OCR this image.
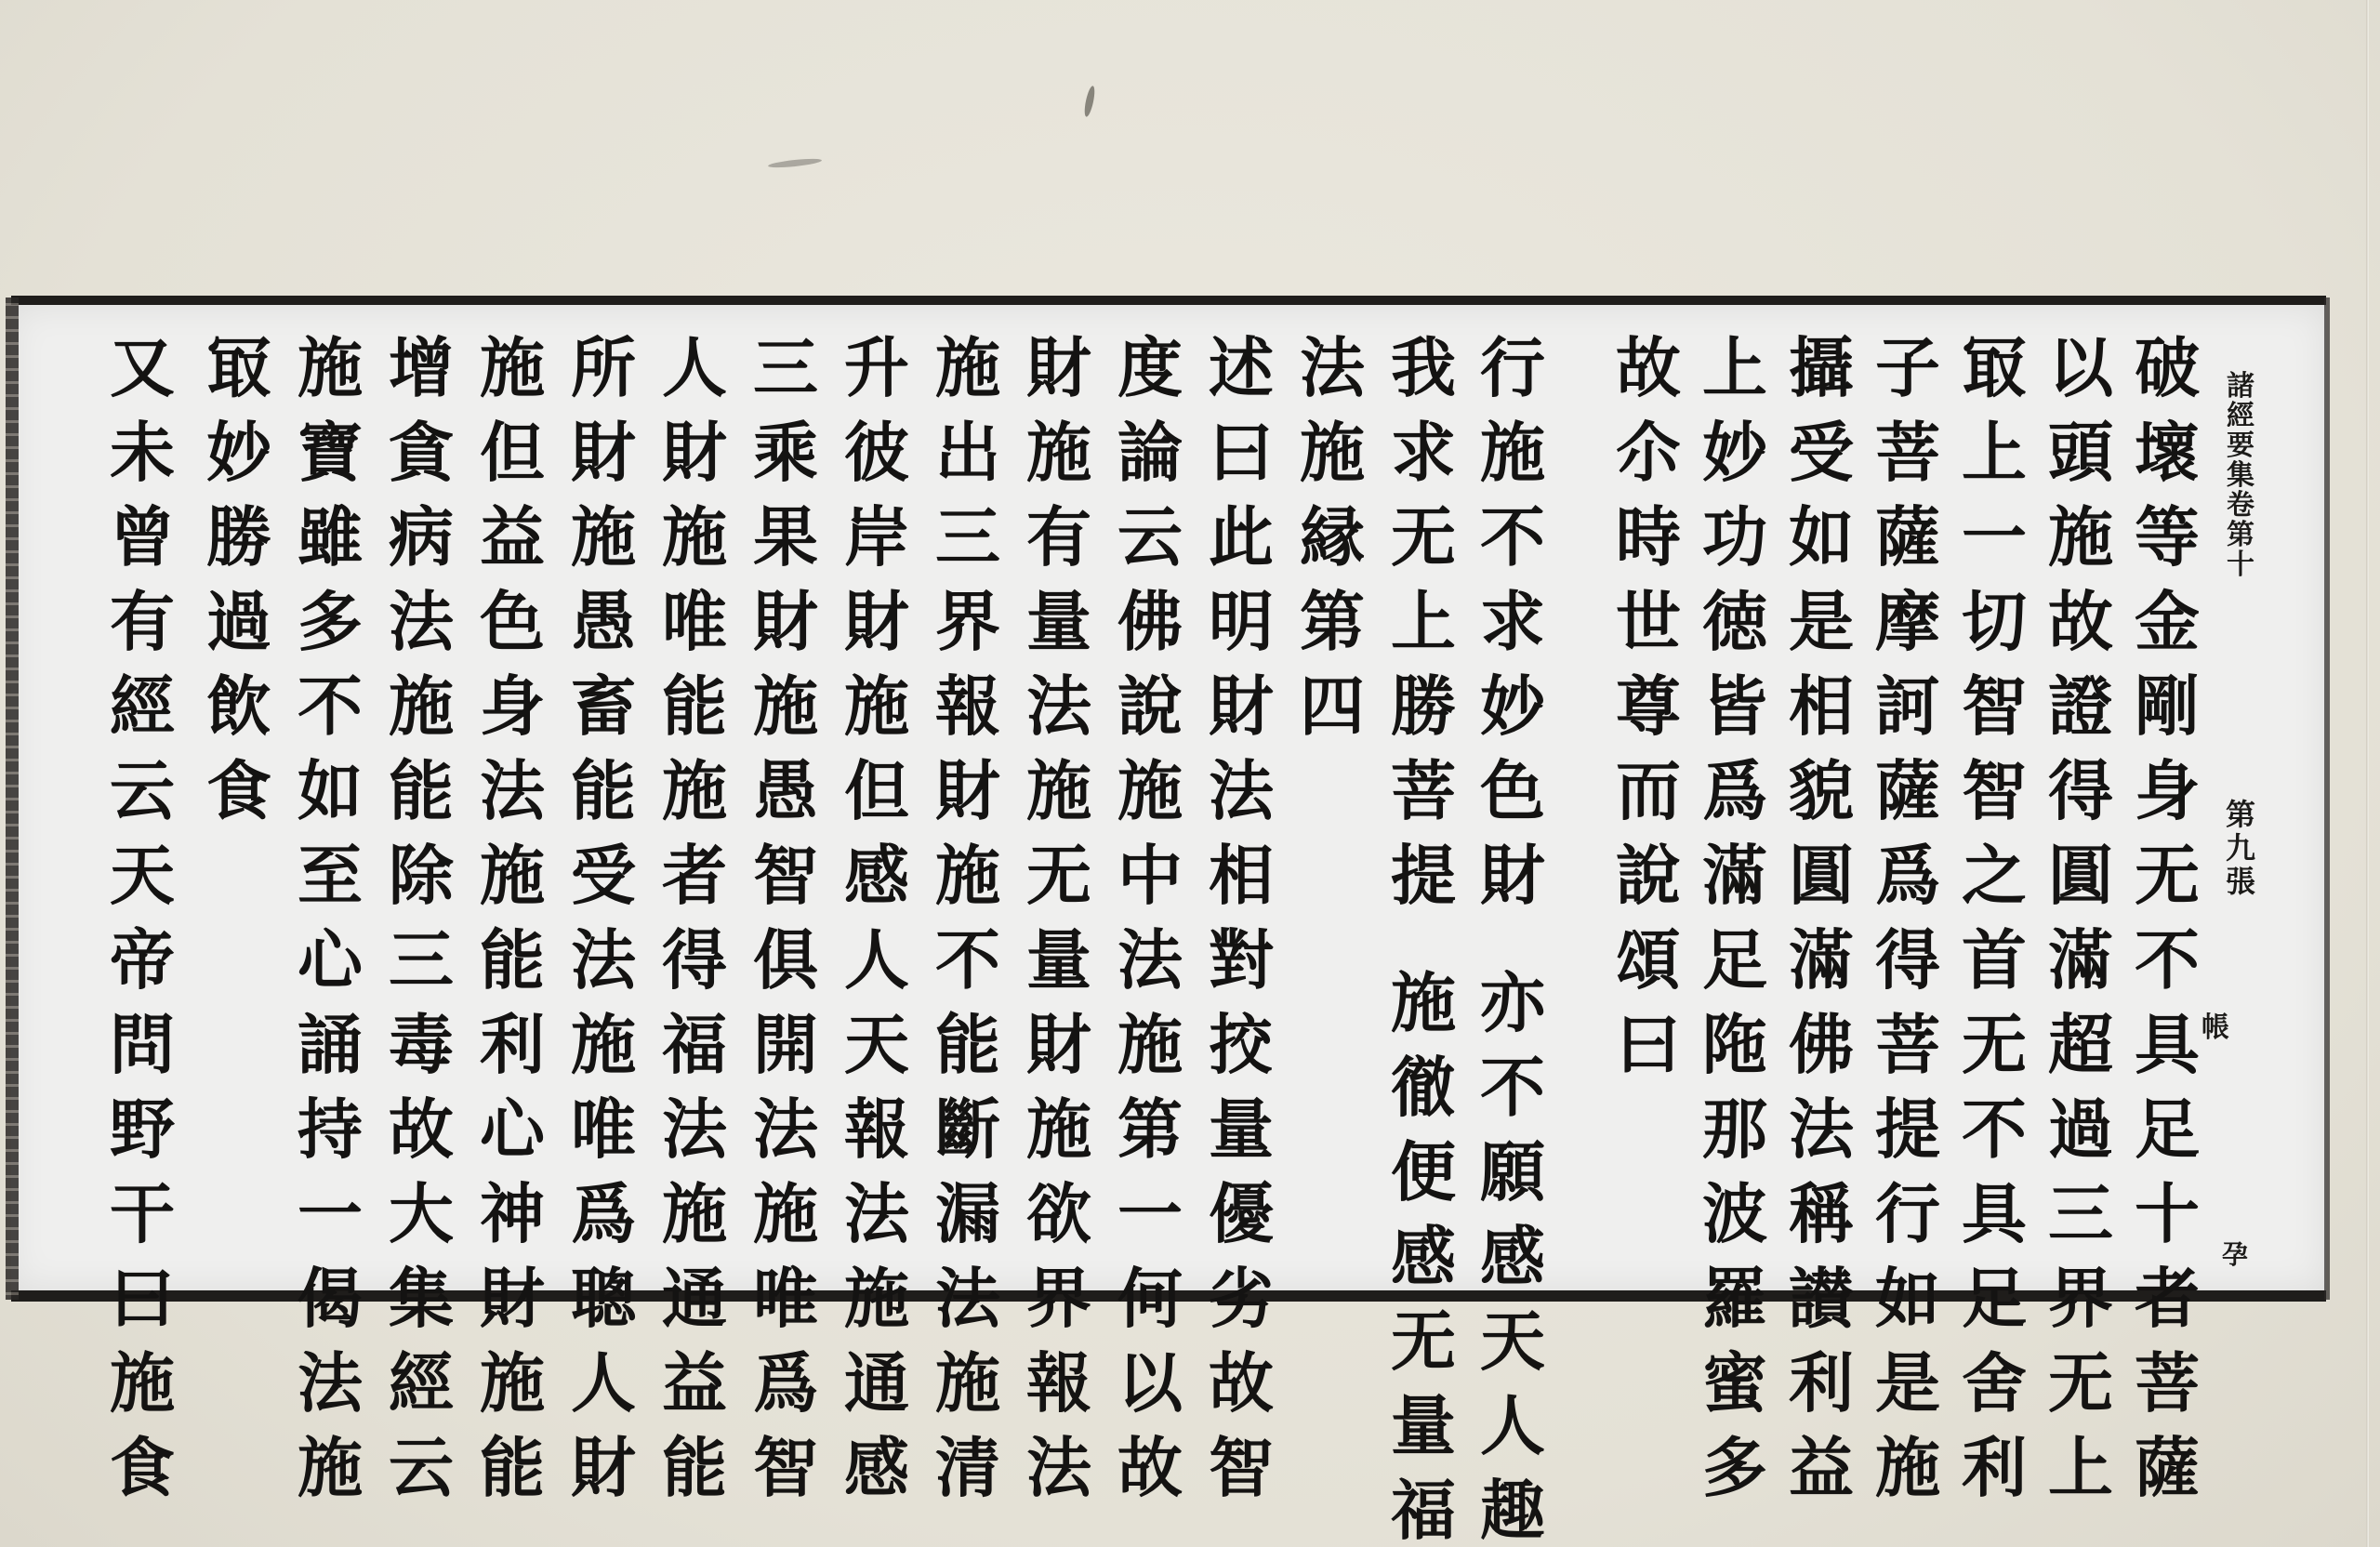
破壞等金剛身无不具足十者菩薩
以頭施故證得圓滿超過三界无上
冣上一切智智之首无不具足舍利
子菩薩摩訶薩爲得菩提行如是施
攝受如是相貌圓滿佛法稱讃利益
上妙功徳皆爲滿足陁那波羅蜜多
故尒時世尊而說頌曰
行施不求妙色財
亦不願感天人趣
我求无上勝菩提
施徹便感无量福
法施縁第四
述曰此明財法相對挍量優劣故智
度論云佛說施中法施第一何以故
財施有量法施无量財施欲界報法
施出三界報財施不能斷漏法施清
升彼岸財施但感人天報法施通感
三乘果財施愚智俱開法施唯爲智
人財施唯能施者得福法施通益能
所財施愚畜能受法施唯爲聰人財
施但益色身法施能利心神財施能
增貪病法施能除三毒故大集經云
施寶雖多不如至心誦持一偈法施
冣妙勝過飲食
又未曾有經云天帝問野干曰施食
諸經要集卷第十
第九張
帳
孕
